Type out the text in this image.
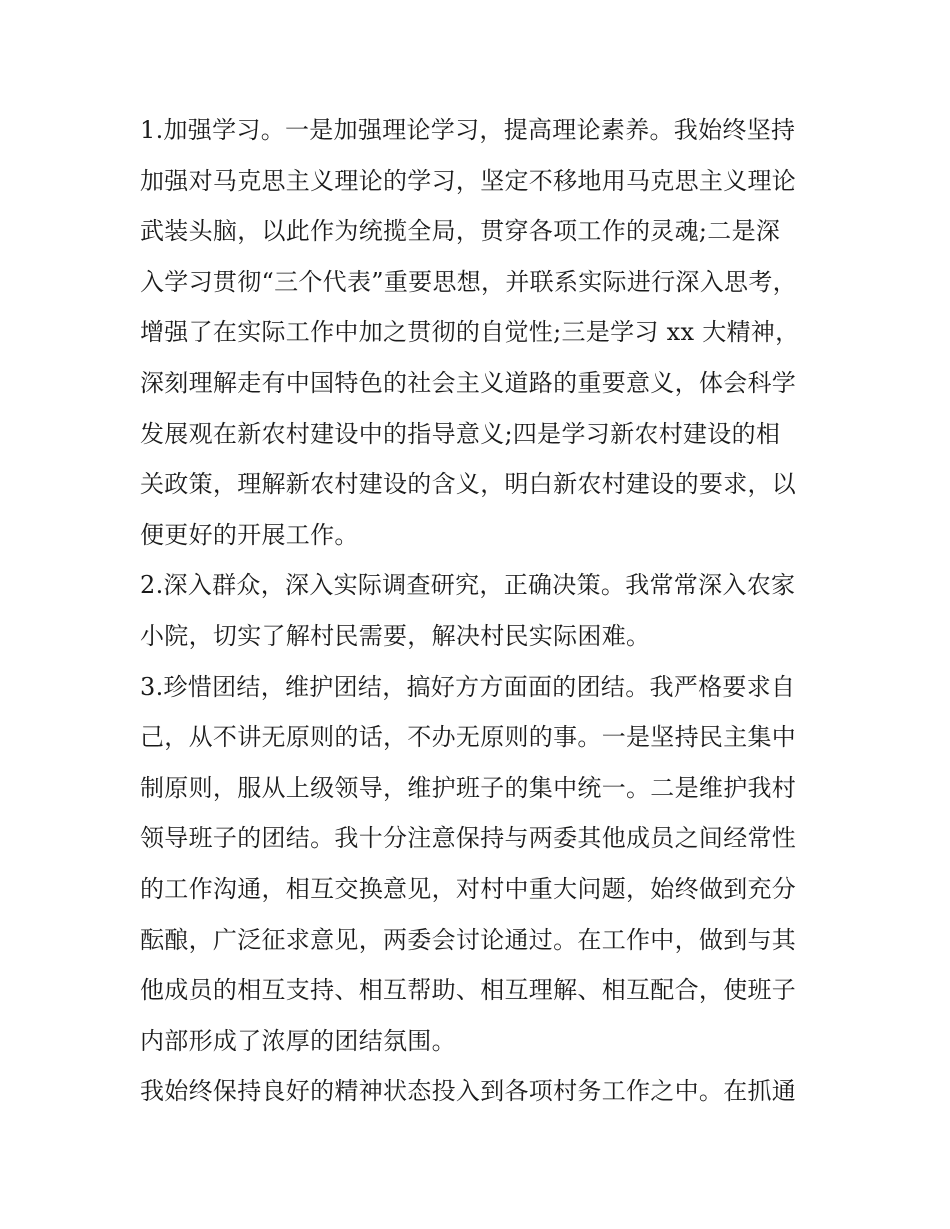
1.加强学习。一是加强理论学习，提高理论素养。我始终坚持
加强对马克思主义理论的学习，坚定不移地用马克思主义理论
武装头脑，以此作为统揽全局，贯穿各项工作的灵魂;二是深
入学习贯彻“三个代表”重要思想，并联系实际进行深入思考，
增强了在实际工作中加之贯彻的自觉性;三是学习 xx 大精神，
深刻理解走有中国特色的社会主义道路的重要意义，体会科学
发展观在新农村建设中的指导意义;四是学习新农村建设的相
关政策，理解新农村建设的含义，明白新农村建设的要求，以
便更好的开展工作。
2.深入群众，深入实际调查研究，正确决策。我常常深入农家
小院，切实了解村民需要，解决村民实际困难。
3.珍惜团结，维护团结，搞好方方面面的团结。我严格要求自
己，从不讲无原则的话，不办无原则的事。一是坚持民主集中
制原则，服从上级领导，维护班子的集中统一。二是维护我村
领导班子的团结。我十分注意保持与两委其他成员之间经常性
的工作沟通，相互交换意见，对村中重大问题，始终做到充分
酝酿，广泛征求意见，两委会讨论通过。在工作中，做到与其
他成员的相互支持、相互帮助、相互理解、相互配合，使班子
内部形成了浓厚的团结氛围。
我始终保持良好的精神状态投入到各项村务工作之中。在抓通
